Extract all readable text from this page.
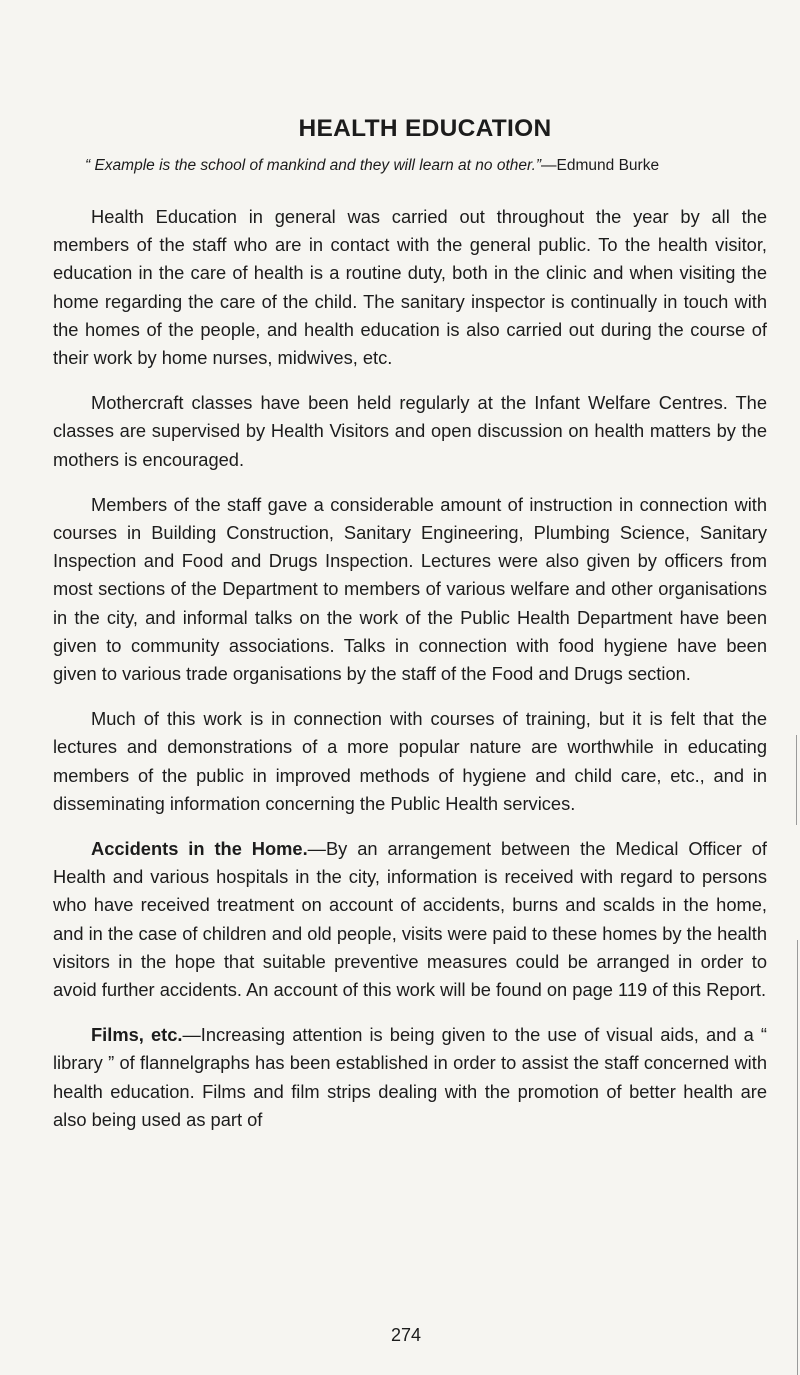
HEALTH EDUCATION

“ Example is the school of mankind and they will learn at no other.”—Edmund Burke

Health Education in general was carried out throughout the year by all the members of the staff who are in contact with the general public. To the health visitor, education in the care of health is a routine duty, both in the clinic and when visiting the home regarding the care of the child. The sanitary inspector is continually in touch with the homes of the people, and health education is also carried out during the course of their work by home nurses, midwives, etc.

Mothercraft classes have been held regularly at the Infant Welfare Centres. The classes are supervised by Health Visitors and open discussion on health matters by the mothers is encouraged.

Members of the staff gave a considerable amount of instruction in connection with courses in Building Construction, Sanitary Engineering, Plumbing Science, Sanitary Inspection and Food and Drugs Inspection. Lectures were also given by officers from most sections of the Department to members of various welfare and other organisations in the city, and informal talks on the work of the Public Health Department have been given to community associations. Talks in connection with food hygiene have been given to various trade organisations by the staff of the Food and Drugs section.

Much of this work is in connection with courses of training, but it is felt that the lectures and demonstrations of a more popular nature are worthwhile in educating members of the public in improved methods of hygiene and child care, etc., and in disseminating information concerning the Public Health services.

Accidents in the Home.—By an arrangement between the Medical Officer of Health and various hospitals in the city, information is received with regard to persons who have received treatment on account of accidents, burns and scalds in the home, and in the case of children and old people, visits were paid to these homes by the health visitors in the hope that suitable preventive measures could be arranged in order to avoid further accidents. An account of this work will be found on page 119 of this Report.

Films, etc.—Increasing attention is being given to the use of visual aids, and a “ library ” of flannelgraphs has been established in order to assist the staff concerned with health education. Films and film strips dealing with the promotion of better health are also being used as part of

274
